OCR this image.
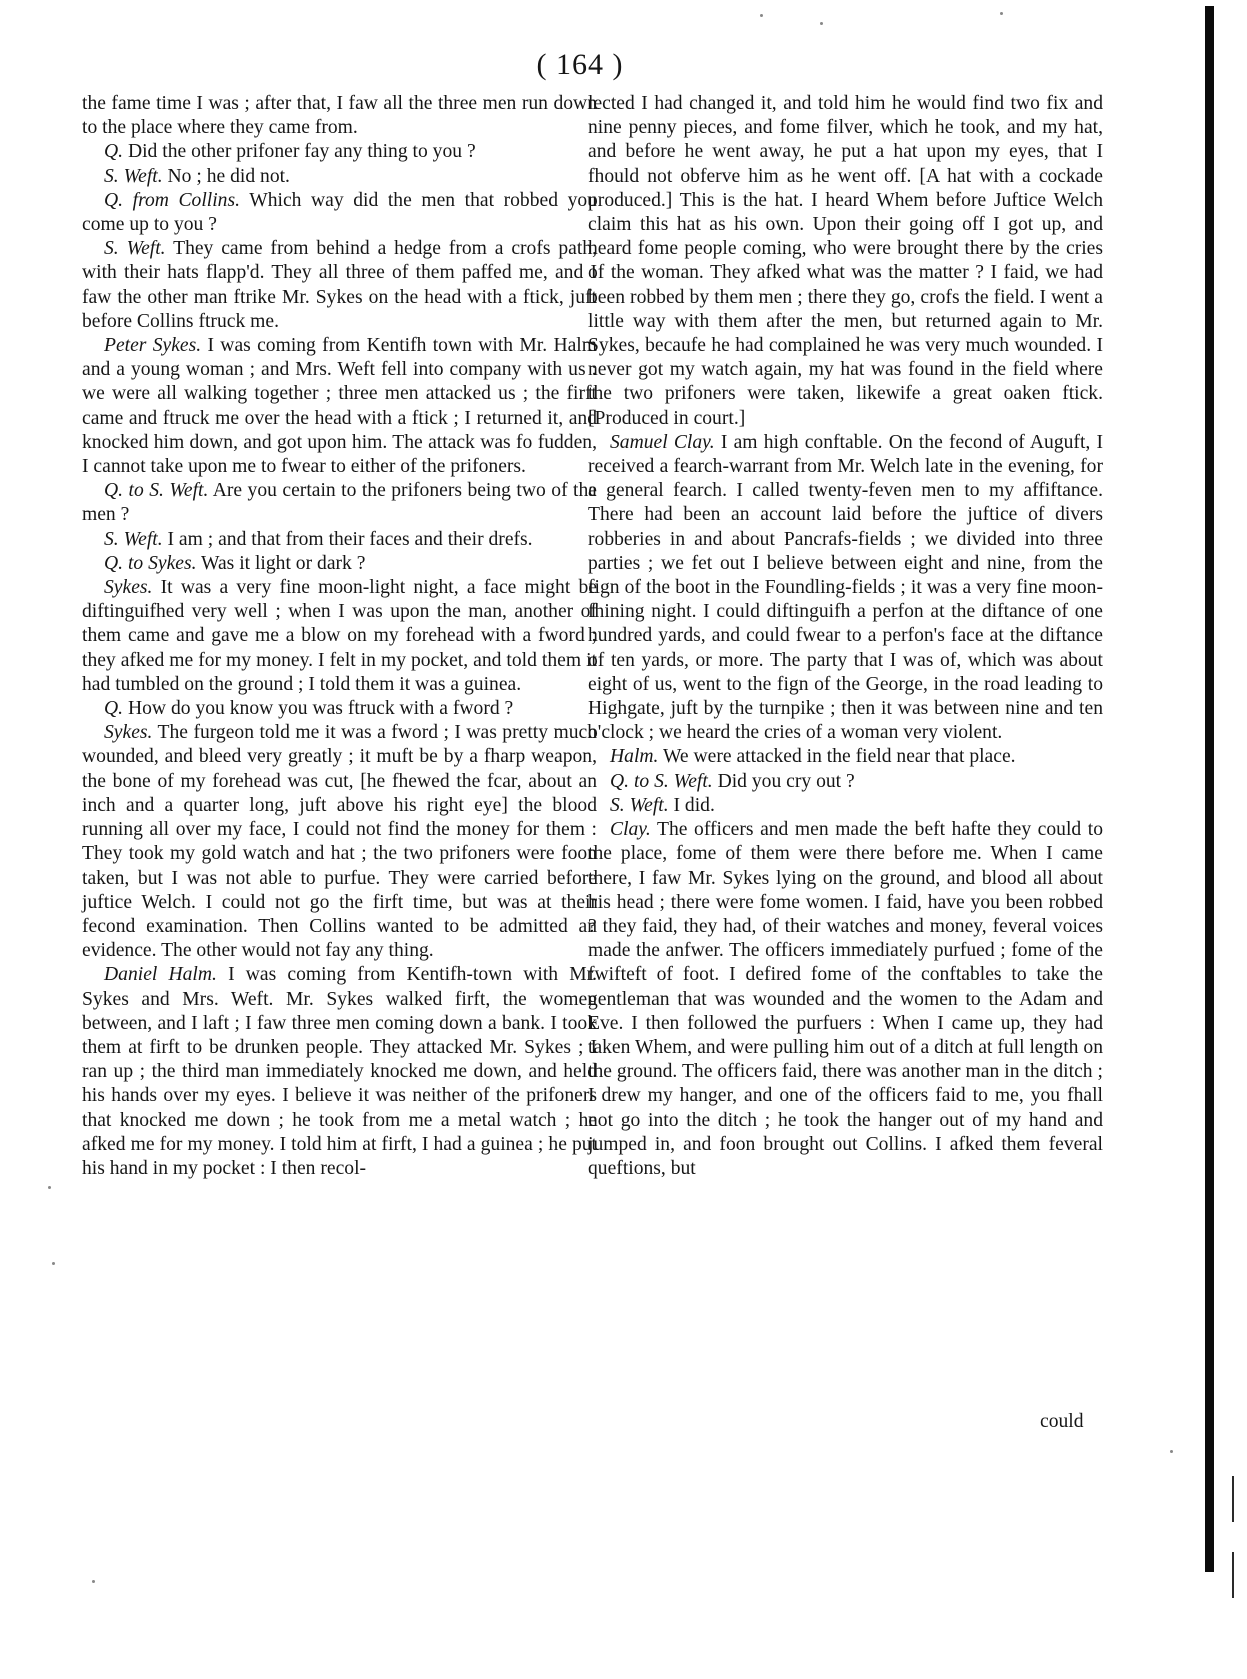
( 164 )

the fame time I was ; after that, I faw all the three men run down to the place where they came from.

Q. Did the other prifoner fay any thing to you ?

S. Weft. No ; he did not.

Q. from Collins. Which way did the men that robbed you come up to you ?

S. Weft. They came from behind a hedge from a crofs path, with their hats flapp'd. They all three of them paffed me, and I faw the other man ftrike Mr. Sykes on the head with a ftick, juft before Collins ftruck me.

Peter Sykes. I was coming from Kentifh town with Mr. Halm and a young woman ; and Mrs. Weft fell into company with us : we were all walking together ; three men attacked us ; the firft came and ftruck me over the head with a ftick ; I returned it, and knocked him down, and got upon him. The attack was fo fudden, I cannot take upon me to fwear to either of the prifoners.

Q. to S. Weft. Are you certain to the prifoners being two of the men ?

S. Weft. I am ; and that from their faces and their drefs.

Q. to Sykes. Was it light or dark ?

Sykes. It was a very fine moon-light night, a face might be diftinguifhed very well ; when I was upon the man, another of them came and gave me a blow on my forehead with a fword ; they afked me for my money. I felt in my pocket, and told them it had tumbled on the ground ; I told them it was a guinea.

Q. How do you know you was ftruck with a fword ?

Sykes. The furgeon told me it was a fword ; I was pretty much wounded, and bleed very greatly ; it muft be by a fharp weapon, the bone of my forehead was cut, [he fhewed the fcar, about an inch and a quarter long, juft above his right eye] the blood running all over my face, I could not find the money for them : They took my gold watch and hat ; the two prifoners were foon taken, but I was not able to purfue. They were carried before juftice Welch. I could not go the firft time, but was at their fecond examination. Then Collins wanted to be admitted an evidence. The other would not fay any thing.

Daniel Halm. I was coming from Kentifh-town with Mr. Sykes and Mrs. Weft. Mr. Sykes walked firft, the women between, and I laft ; I faw three men coming down a bank. I took them at firft to be drunken people. They attacked Mr. Sykes ; I ran up ; the third man immediately knocked me down, and held his hands over my eyes. I believe it was neither of the prifoners that knocked me down ; he took from me a metal watch ; he afked me for my money. I told him at firft, I had a guinea ; he put his hand in my pocket : I then recol-

lected I had changed it, and told him he would find two fix and nine penny pieces, and fome filver, which he took, and my hat, and before he went away, he put a hat upon my eyes, that I fhould not obferve him as he went off. [A hat with a cockade produced.] This is the hat. I heard Whem before Juftice Welch claim this hat as his own. Upon their going off I got up, and heard fome people coming, who were brought there by the cries of the woman. They afked what was the matter ? I faid, we had been robbed by them men ; there they go, crofs the field. I went a little way with them after the men, but returned again to Mr. Sykes, becaufe he had complained he was very much wounded. I never got my watch again, my hat was found in the field where the two prifoners were taken, likewife a great oaken ftick. [Produced in court.]

Samuel Clay. I am high conftable. On the fecond of Auguft, I received a fearch-warrant from Mr. Welch late in the evening, for a general fearch. I called twenty-feven men to my affiftance. There had been an account laid before the juftice of divers robberies in and about Pancrafs-fields ; we divided into three parties ; we fet out I believe between eight and nine, from the fign of the boot in the Foundling-fields ; it was a very fine moon-fhining night. I could diftinguifh a perfon at the diftance of one hundred yards, and could fwear to a perfon's face at the diftance of ten yards, or more. The party that I was of, which was about eight of us, went to the fign of the George, in the road leading to Highgate, juft by the turnpike ; then it was between nine and ten o'clock ; we heard the cries of a woman very violent.

Halm. We were attacked in the field near that place.

Q. to S. Weft. Did you cry out ?

S. Weft. I did.

Clay. The officers and men made the beft hafte they could to the place, fome of them were there before me. When I came there, I faw Mr. Sykes lying on the ground, and blood all about his head ; there were fome women. I faid, have you been robbed ? they faid, they had, of their watches and money, feveral voices made the anfwer. The officers immediately purfued ; fome of the fwifteft of foot. I defired fome of the conftables to take the gentleman that was wounded and the women to the Adam and Eve. I then followed the purfuers : When I came up, they had taken Whem, and were pulling him out of a ditch at full length on the ground. The officers faid, there was another man in the ditch ; I drew my hanger, and one of the officers faid to me, you fhall not go into the ditch ; he took the hanger out of my hand and jumped in, and foon brought out Collins. I afked them feveral queftions, but

could
